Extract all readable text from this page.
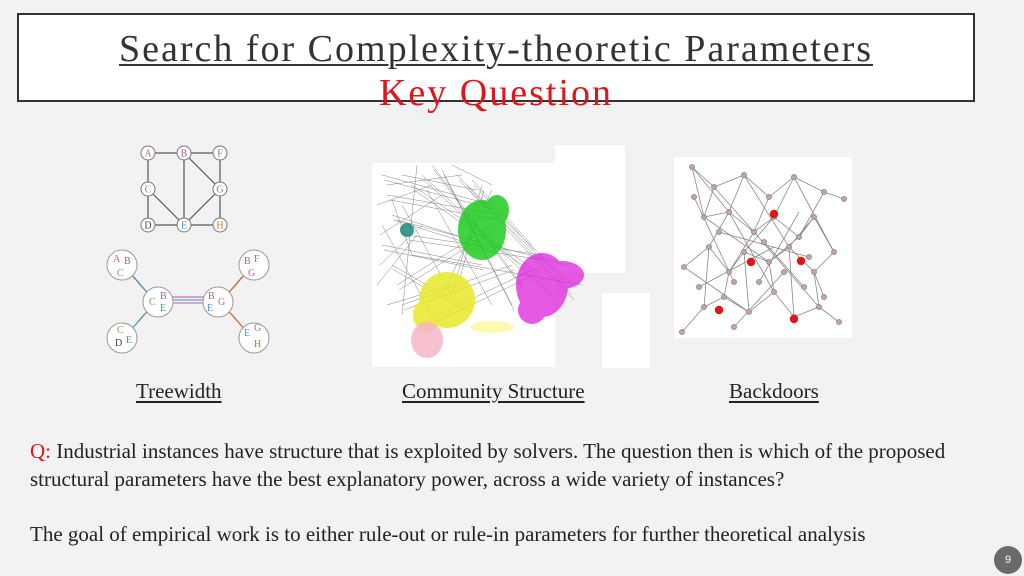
Search for Complexity-theoretic Parameters
Key Question
A	B	F
C	G
D	E	H
A B
C
B F
G
B
C
E
B
E
G
C
D E
E G
H
Treewidth	Community Structure	Backdoors
Q: Industrial instances have structure that is exploited by solvers. The question then is which of the proposed structural parameters have the best explanatory power, across a wide variety of instances?
The goal of empirical work is to either rule-out or rule-in parameters for further theoretical analysis
9
